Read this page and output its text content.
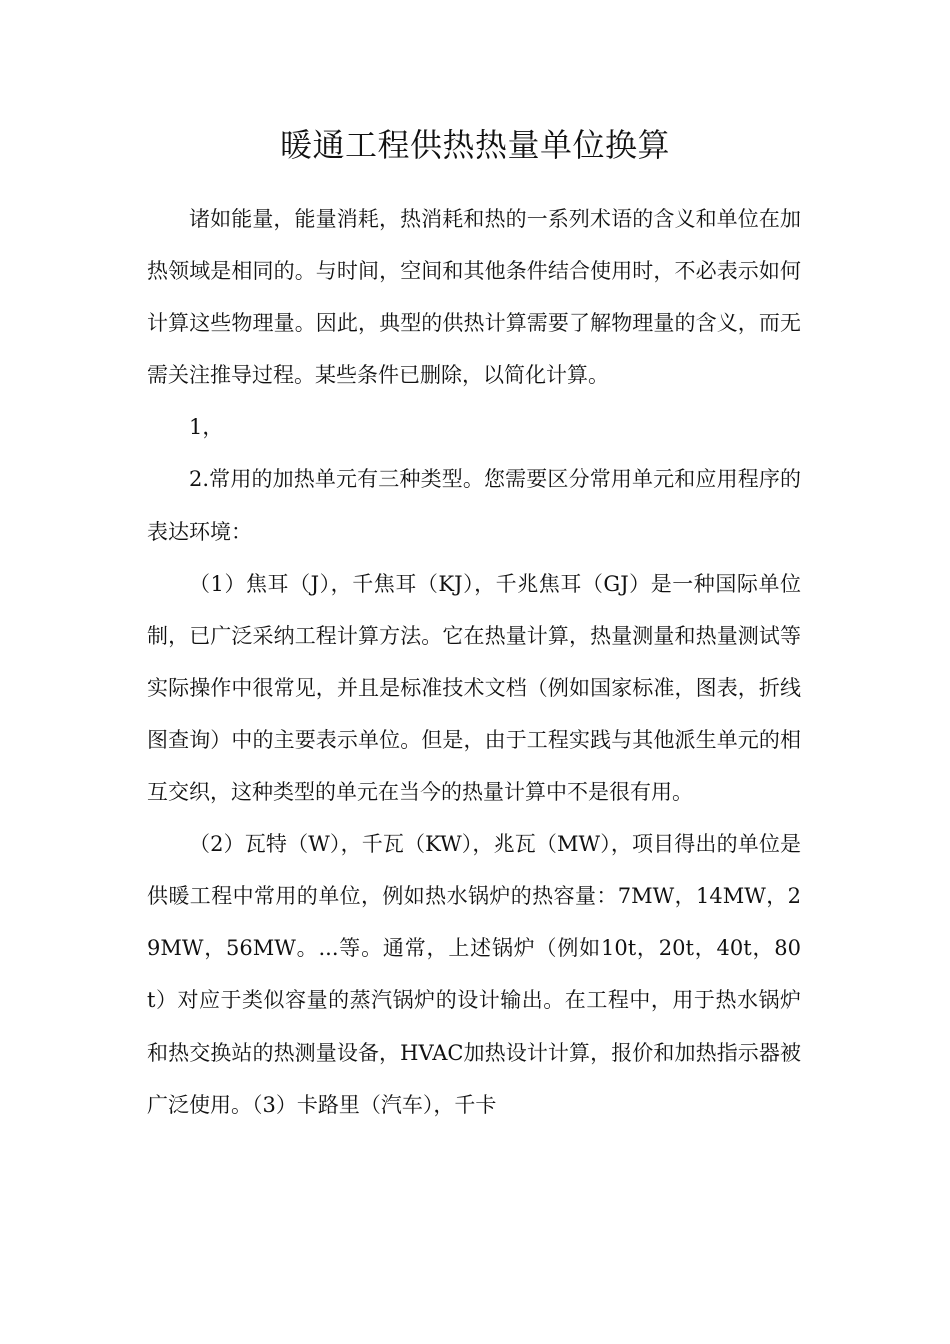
暖通工程供热热量单位换算

诸如能量，能量消耗，热消耗和热的一系列术语的含义和单位在加热领域是相同的。与时间，空间和其他条件结合使用时，不必表示如何计算这些物理量。因此，典型的供热计算需要了解物理量的含义，而无需关注推导过程。某些条件已删除，以简化计算。

1，

2.常用的加热单元有三种类型。您需要区分常用单元和应用程序的表达环境：

（1）焦耳（J），千焦耳（KJ），千兆焦耳（GJ）是一种国际单位制，已广泛采纳工程计算方法。它在热量计算，热量测量和热量测试等实际操作中很常见，并且是标准技术文档（例如国家标准，图表，折线图查询）中的主要表示单位。但是，由于工程实践与其他派生单元的相互交织，这种类型的单元在当今的热量计算中不是很有用。

（2）瓦特（W），千瓦（KW），兆瓦（MW），项目得出的单位是供暖工程中常用的单位，例如热水锅炉的热容量：7MW，14MW，29MW，56MW。...等。通常，上述锅炉（例如10t，20t，40t，80t）对应于类似容量的蒸汽锅炉的设计输出。在工程中，用于热水锅炉和热交换站的热测量设备，HVAC加热设计计算，报价和加热指示器被广泛使用。（3）卡路里（汽车），千卡
